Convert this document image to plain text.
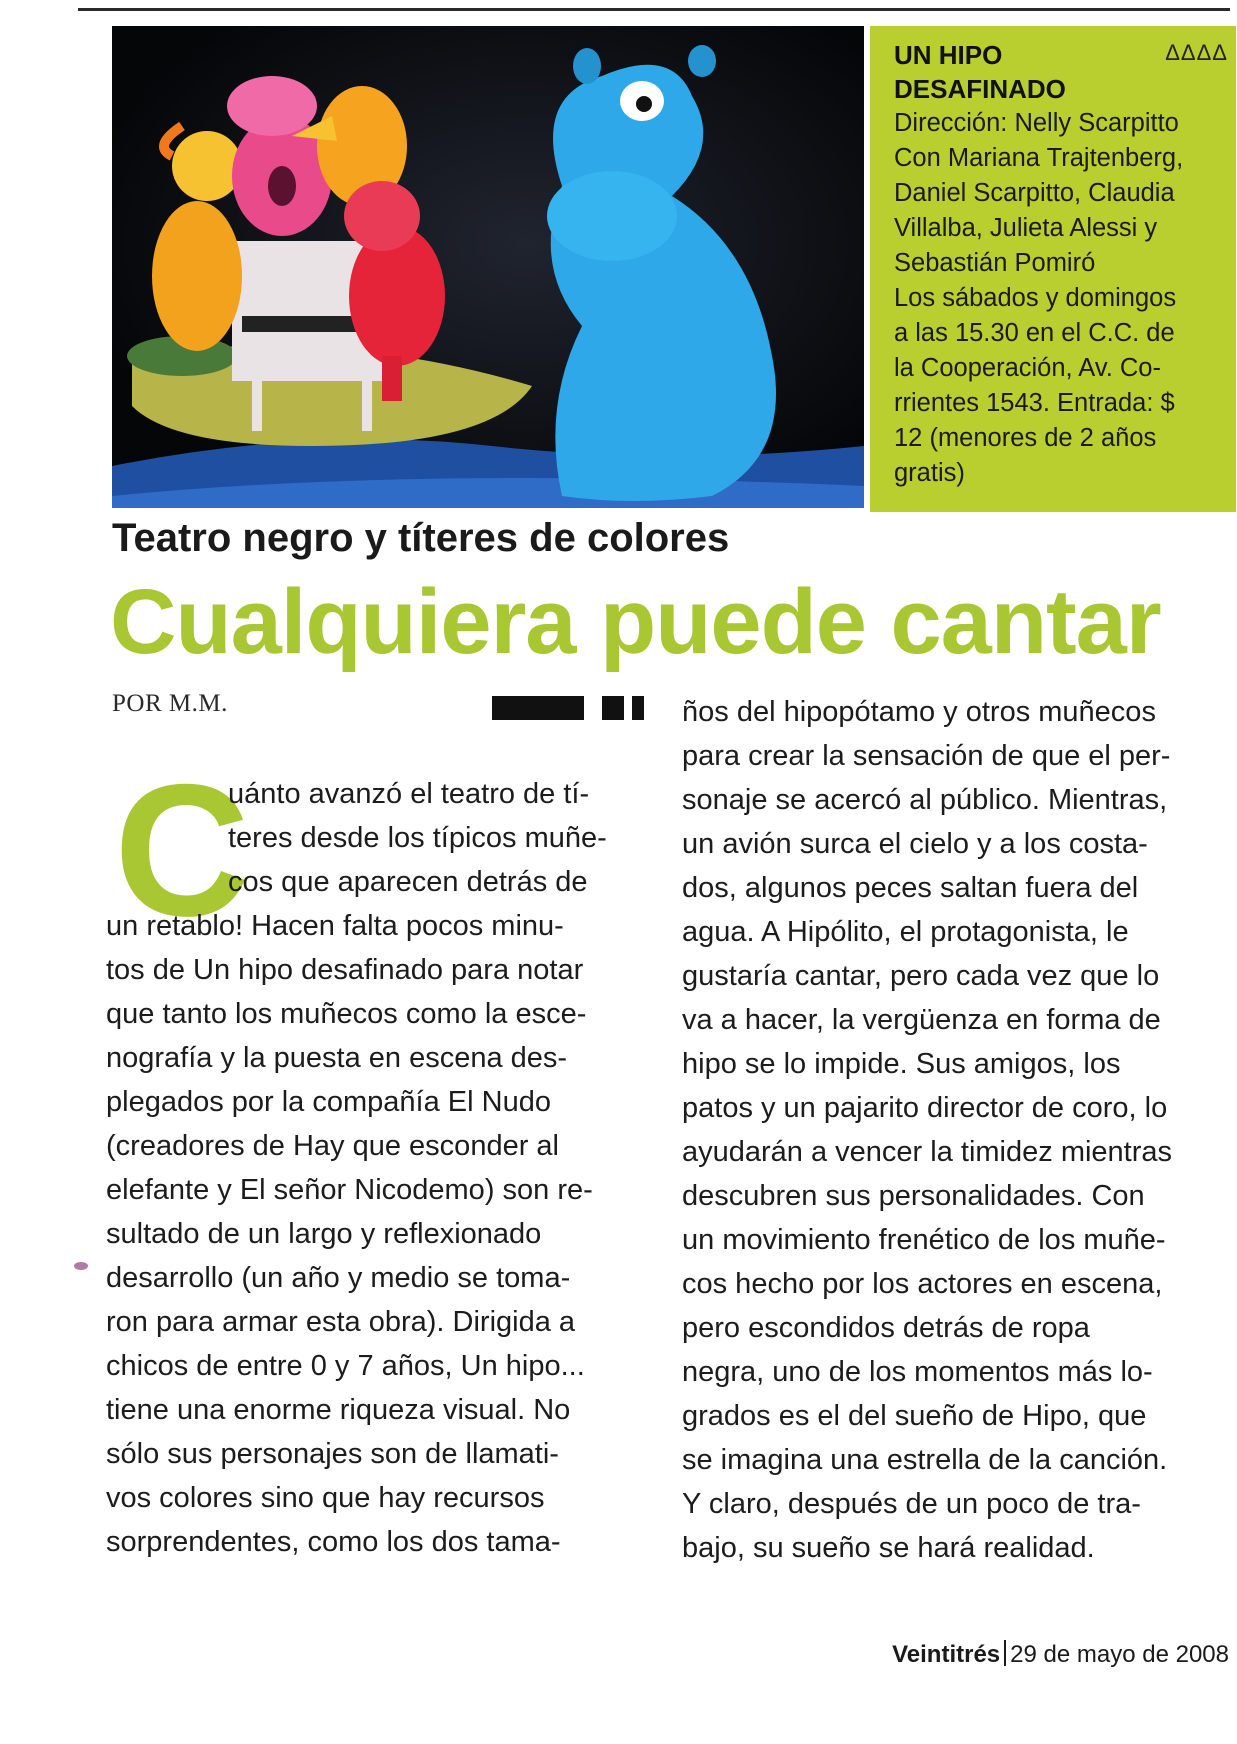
UN HIPO
DESAFINADO

ΔΔΔΔ
Dirección: Nelly Scarpitto
Con Mariana Trajtenberg,
Daniel Scarpitto, Claudia
Villalba, Julieta Alessi y
Sebastián Pomiró
Los sábados y domingos
a las 15.30 en el C.C. de
la Cooperación, Av. Co-
rrientes 1543. Entrada: $
12 (menores de 2 años
gratis)
Teatro negro y títeres de colores
Cualquiera puede cantar
POR M.M.
C
uánto avanzó el teatro de tí-
teres desde los típicos muñe-
cos que aparecen detrás de
un retablo! Hacen falta pocos minu-
tos de Un hipo desafinado para notar
que tanto los muñecos como la esce-
nografía y la puesta en escena des-
plegados por la compañía El Nudo
(creadores de Hay que esconder al
elefante y El señor Nicodemo) son re-
sultado de un largo y reflexionado
desarrollo (un año y medio se toma-
ron para armar esta obra). Dirigida a
chicos de entre 0 y 7 años, Un hipo...
tiene una enorme riqueza visual. No
sólo sus personajes son de llamati-
vos colores sino que hay recursos
sorprendentes, como los dos tama-
ños del hipopótamo y otros muñecos
para crear la sensación de que el per-
sonaje se acercó al público. Mientras,
un avión surca el cielo y a los costa-
dos, algunos peces saltan fuera del
agua. A Hipólito, el protagonista, le
gustaría cantar, pero cada vez que lo
va a hacer, la vergüenza en forma de
hipo se lo impide. Sus amigos, los
patos y un pajarito director de coro, lo
ayudarán a vencer la timidez mientras
descubren sus personalidades. Con
un movimiento frenético de los muñe-
cos hecho por los actores en escena,
pero escondidos detrás de ropa
negra, uno de los momentos más lo-
grados es el del sueño de Hipo, que
se imagina una estrella de la canción.
Y claro, después de un poco de tra-
bajo, su sueño se hará realidad.
Veintitrés 29 de mayo de 2008
